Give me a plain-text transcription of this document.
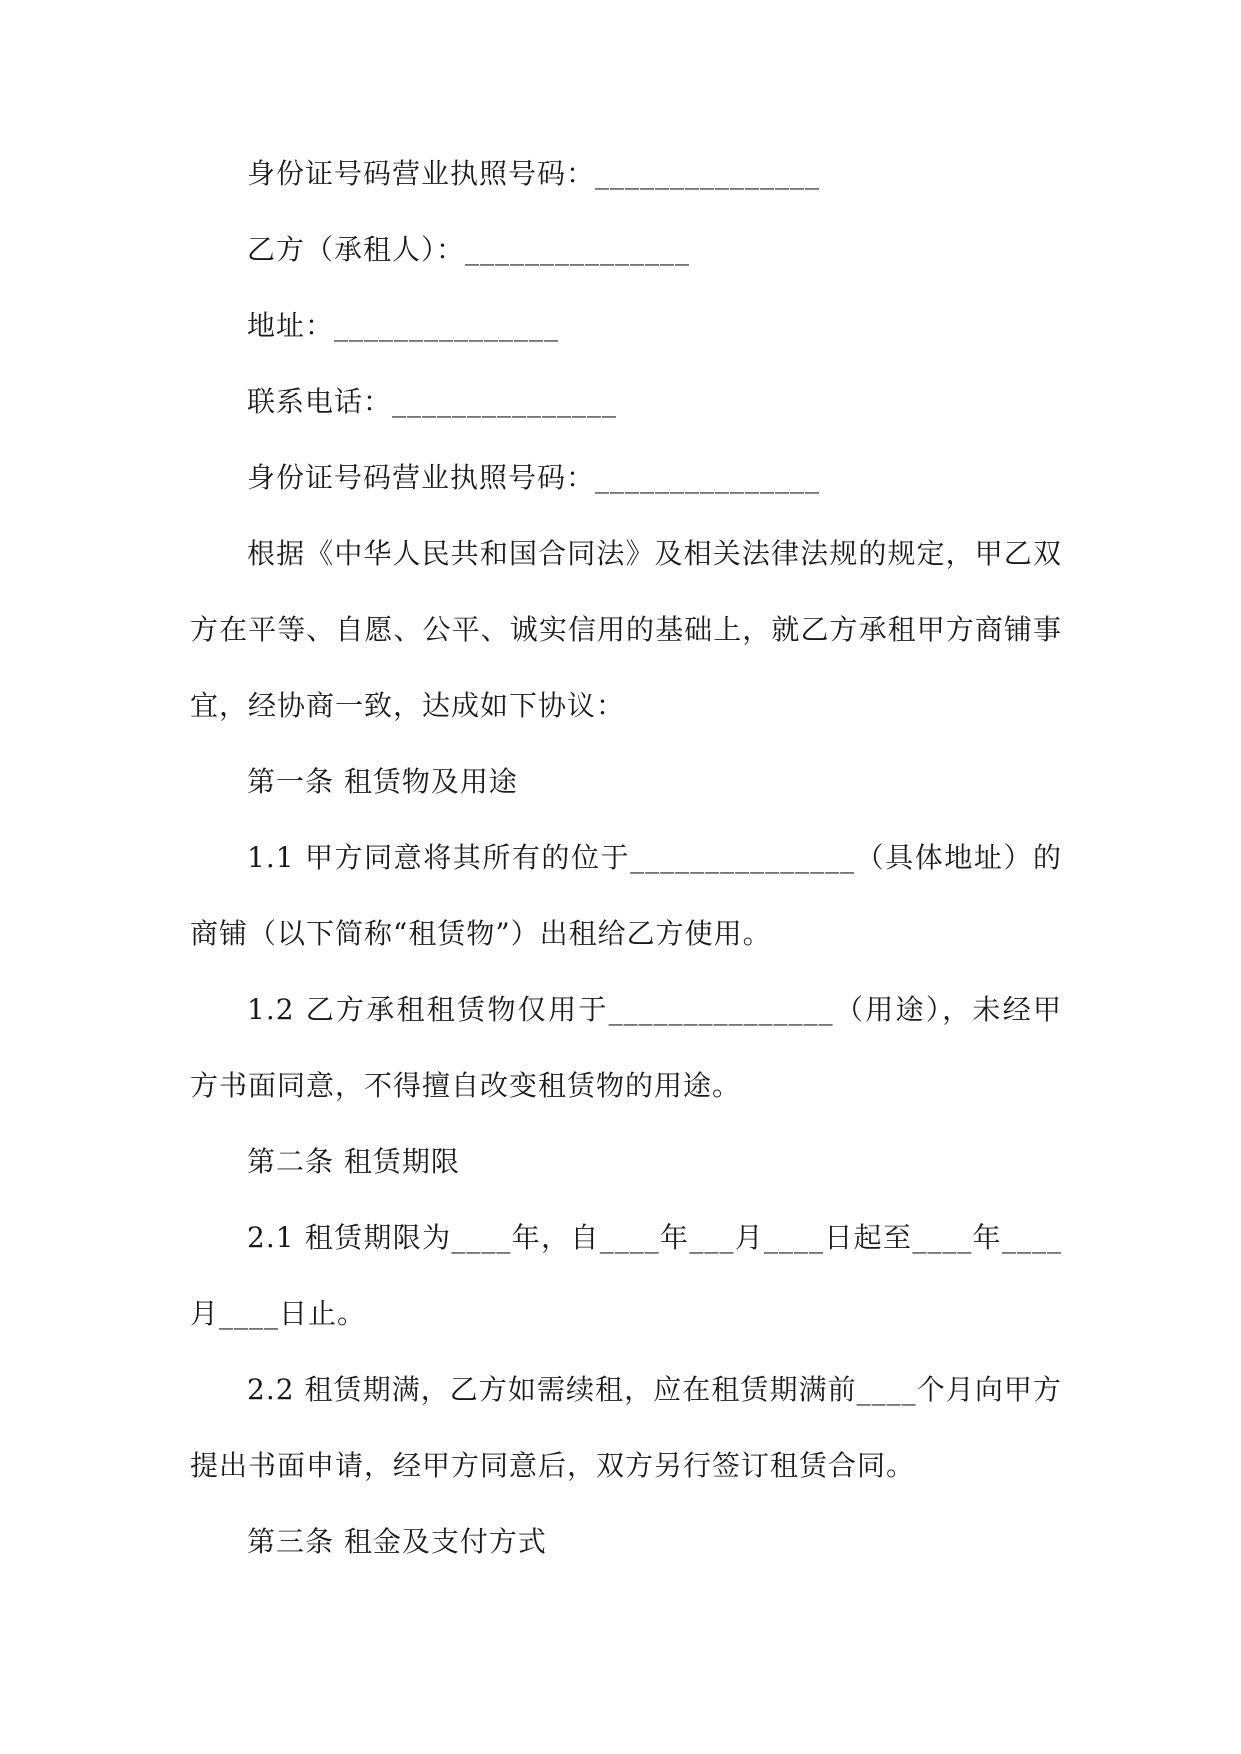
身份证号码营业执照号码：_______________

乙方（承租人）：_______________

地址：_______________

联系电话：_______________

身份证号码营业执照号码：_______________

根据《中华人民共和国合同法》及相关法律法规的规定，甲乙双方在平等、自愿、公平、诚实信用的基础上，就乙方承租甲方商铺事宜，经协商一致，达成如下协议：

第一条 租赁物及用途

1.1 甲方同意将其所有的位于_______________（具体地址）的商铺（以下简称“租赁物”）出租给乙方使用。

1.2 乙方承租租赁物仅用于_______________（用途），未经甲方书面同意，不得擅自改变租赁物的用途。

第二条 租赁期限

2.1 租赁期限为____年，自____年___月____日起至____年____月____日止。

2.2 租赁期满，乙方如需续租，应在租赁期满前____个月向甲方提出书面申请，经甲方同意后，双方另行签订租赁合同。

第三条 租金及支付方式
